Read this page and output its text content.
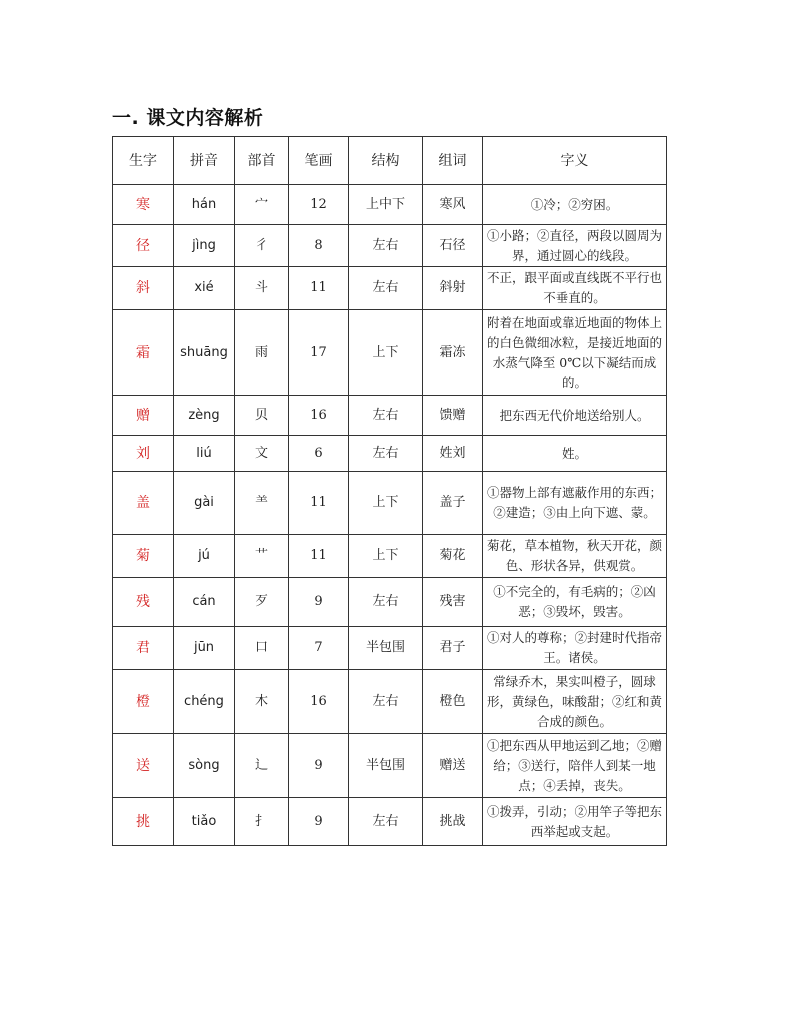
一. 课文内容解析
生字	拼音	部首	笔画	结构	组词	字义
寒	hán	宀	12	上中下	寒风	①冷；②穷困。
径	jìng	彳	8	左右	石径	①小路；②直径，两段以圆周为界，通过圆心的线段。
斜	xié	斗	11	左右	斜射	不正，跟平面或直线既不平行也不垂直的。
霜	shuāng	雨	17	上下	霜冻	附着在地面或靠近地面的物体上的白色微细冰粒，是接近地面的水蒸气降至 0℃以下凝结而成的。
赠	zèng	贝	16	左右	馈赠	把东西无代价地送给别人。
刘	liú	文	6	左右	姓刘	姓。
盖	gài	⺷	11	上下	盖子	①器物上部有遮蔽作用的东西；②建造；③由上向下遮、蒙。
菊	jú	艹	11	上下	菊花	菊花，草本植物，秋天开花，颜色、形状各异，供观赏。
残	cán	歹	9	左右	残害	①不完全的，有毛病的；②凶恶；③毁坏，毁害。
君	jūn	口	7	半包围	君子	①对人的尊称；②封建时代指帝王。诸侯。
橙	chéng	木	16	左右	橙色	常绿乔木，果实叫橙子，圆球形，黄绿色，味酸甜；②红和黄合成的颜色。
送	sòng	辶	9	半包围	赠送	①把东西从甲地运到乙地；②赠给；③送行，陪伴人到某一地点；④丢掉，丧失。
挑	tiǎo	扌	9	左右	挑战	①拨弄，引动；②用竿子等把东西举起或支起。
